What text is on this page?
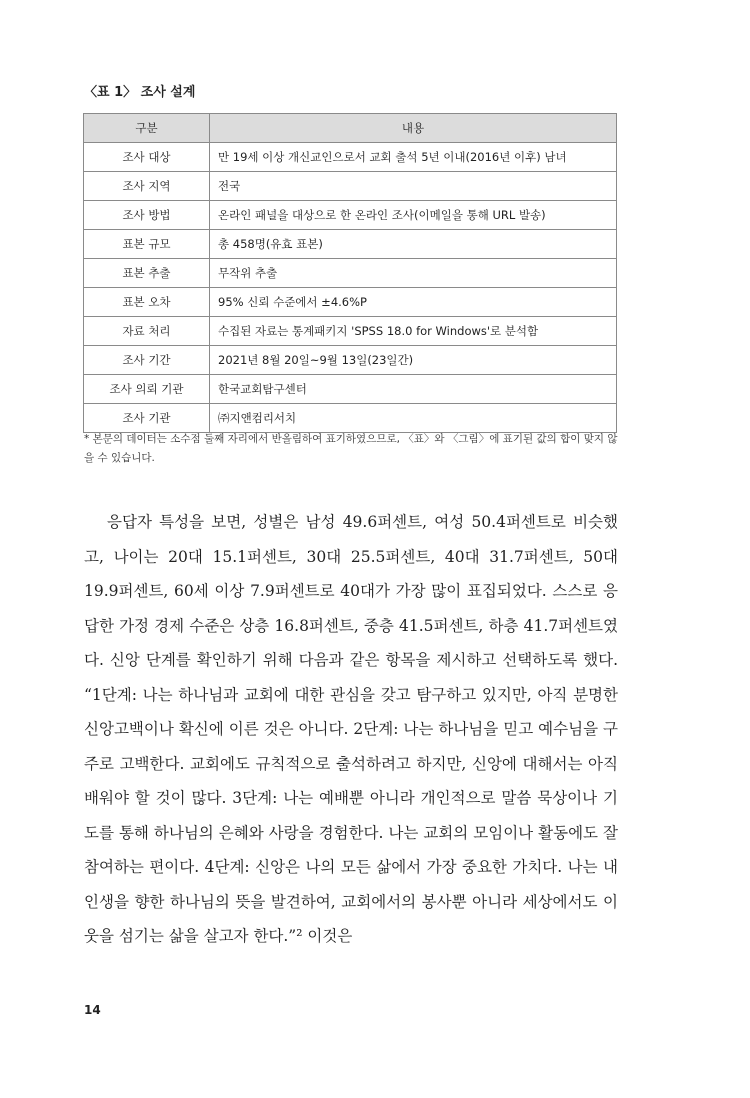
〈표 1〉 조사 설계
구분	내용
조사 대상	만 19세 이상 개신교인으로서 교회 출석 5년 이내(2016년 이후) 남녀
조사 지역	전국
조사 방법	온라인 패널을 대상으로 한 온라인 조사(이메일을 통해 URL 발송)
표본 규모	총 458명(유효 표본)
표본 추출	무작위 추출
표본 오차	95% 신뢰 수준에서 ±4.6%P
자료 처리	수집된 자료는 통계패키지 'SPSS 18.0 for Windows'로 분석함
조사 기간	2021년 8월 20일~9월 13일(23일간)
조사 의뢰 기관	한국교회탐구센터
조사 기관	㈜지앤컴리서치
* 본문의 데이터는 소수점 둘째 자리에서 반올림하여 표기하였으므로, 〈표〉와 〈그림〉에 표기된 값의 합이 맞지 않을 수 있습니다.

응답자 특성을 보면, 성별은 남성 49.6퍼센트, 여성 50.4퍼센트로 비슷했고, 나이는 20대 15.1퍼센트, 30대 25.5퍼센트, 40대 31.7퍼센트, 50대 19.9퍼센트, 60세 이상 7.9퍼센트로 40대가 가장 많이 표집되었다. 스스로 응답한 가정 경제 수준은 상층 16.8퍼센트, 중층 41.5퍼센트, 하층 41.7퍼센트였다. 신앙 단계를 확인하기 위해 다음과 같은 항목을 제시하고 선택하도록 했다. “1단계: 나는 하나님과 교회에 대한 관심을 갖고 탐구하고 있지만, 아직 분명한 신앙고백이나 확신에 이른 것은 아니다. 2단계: 나는 하나님을 믿고 예수님을 구주로 고백한다. 교회에도 규칙적으로 출석하려고 하지만, 신앙에 대해서는 아직 배워야 할 것이 많다. 3단계: 나는 예배뿐 아니라 개인적으로 말씀 묵상이나 기도를 통해 하나님의 은혜와 사랑을 경험한다. 나는 교회의 모임이나 활동에도 잘 참여하는 편이다. 4단계: 신앙은 나의 모든 삶에서 가장 중요한 가치다. 나는 내 인생을 향한 하나님의 뜻을 발견하여, 교회에서의 봉사뿐 아니라 세상에서도 이웃을 섬기는 삶을 살고자 한다.”² 이것은

14
